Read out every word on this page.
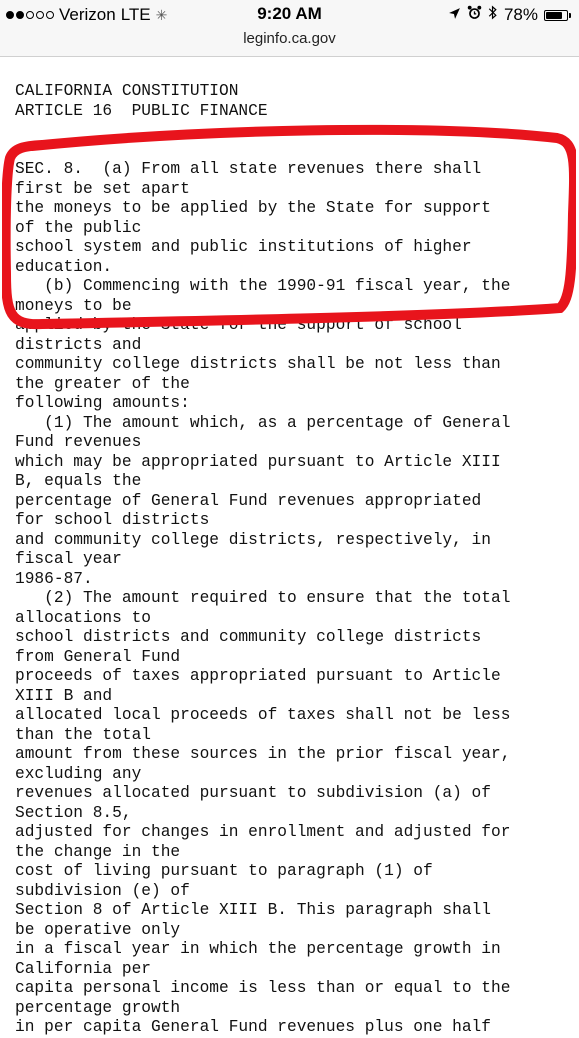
Verizon LTE ✳	9:20 AM	78%
leginfo.ca.gov
CALIFORNIA CONSTITUTION
ARTICLE 16  PUBLIC FINANCE
SEC. 8.  (a) From all state revenues there shall
first be set apart
the moneys to be applied by the State for support
of the public
school system and public institutions of higher
education.
(b) Commencing with the 1990-91 fiscal year, the
moneys to be
applied by the State for the support of school
districts and
community college districts shall be not less than
the greater of the
following amounts:
(1) The amount which, as a percentage of General
Fund revenues
which may be appropriated pursuant to Article XIII
B, equals the
percentage of General Fund revenues appropriated
for school districts
and community college districts, respectively, in
fiscal year
1986-87.
(2) The amount required to ensure that the total
allocations to
school districts and community college districts
from General Fund
proceeds of taxes appropriated pursuant to Article
XIII B and
allocated local proceeds of taxes shall not be less
than the total
amount from these sources in the prior fiscal year,
excluding any
revenues allocated pursuant to subdivision (a) of
Section 8.5,
adjusted for changes in enrollment and adjusted for
the change in the
cost of living pursuant to paragraph (1) of
subdivision (e) of
Section 8 of Article XIII B. This paragraph shall
be operative only
in a fiscal year in which the percentage growth in
California per
capita personal income is less than or equal to the
percentage growth
in per capita General Fund revenues plus one half
